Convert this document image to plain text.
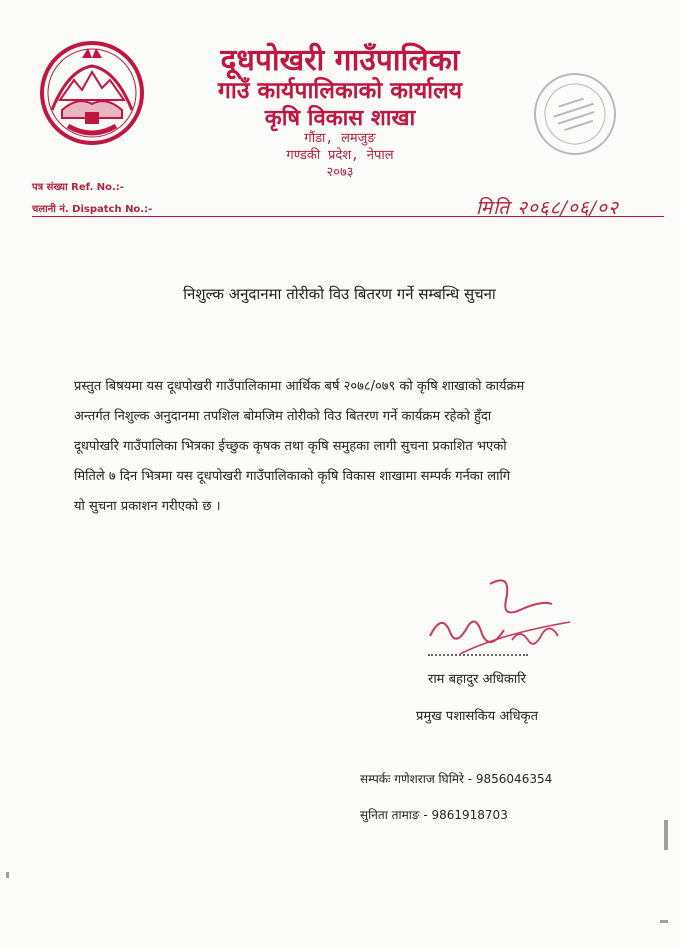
दूधपोखरी गाउँपालिका
गाउँ कार्यपालिकाको कार्यालय
कृषि विकास शाखा
गौंडा, लमजुङ
गण्डकी प्रदेश, नेपाल
२०७३
पत्र संख्या Ref. No.:-
चलानी नं. Dispatch No.:-	मिति २०६८/०६/०२
निशुल्क अनुदानमा तोरीको विउ बितरण गर्ने सम्बन्धि सुचना
प्रस्तुत बिषयमा यस दूधपोखरी गाउँपालिकामा आर्थिक बर्ष २०७८/०७९ को कृषि शाखाको कार्यक्रम
अन्तर्गत निशुल्क अनुदानमा तपशिल बोमजिम तोरीको विउ बितरण गर्ने कार्यक्रम रहेको हुँदा
दूधपोखरि गाउँपालिका भित्रका ईच्छुक कृषक तथा कृषि समुहका लागी सुचना प्रकाशित भएको
मितिले ७ दिन भित्रमा यस दूधपोखरी गाउँपालिकाको कृषि विकास शाखामा सम्पर्क गर्नका लागि
यो सुचना प्रकाशन गरीएको छ ।
राम बहादुर अधिकारि
प्रमुख पशासकिय अधिकृत
सम्पर्कः गणेशराज घिमिरे - 9856046354
सुनिता तामाङ - 9861918703
